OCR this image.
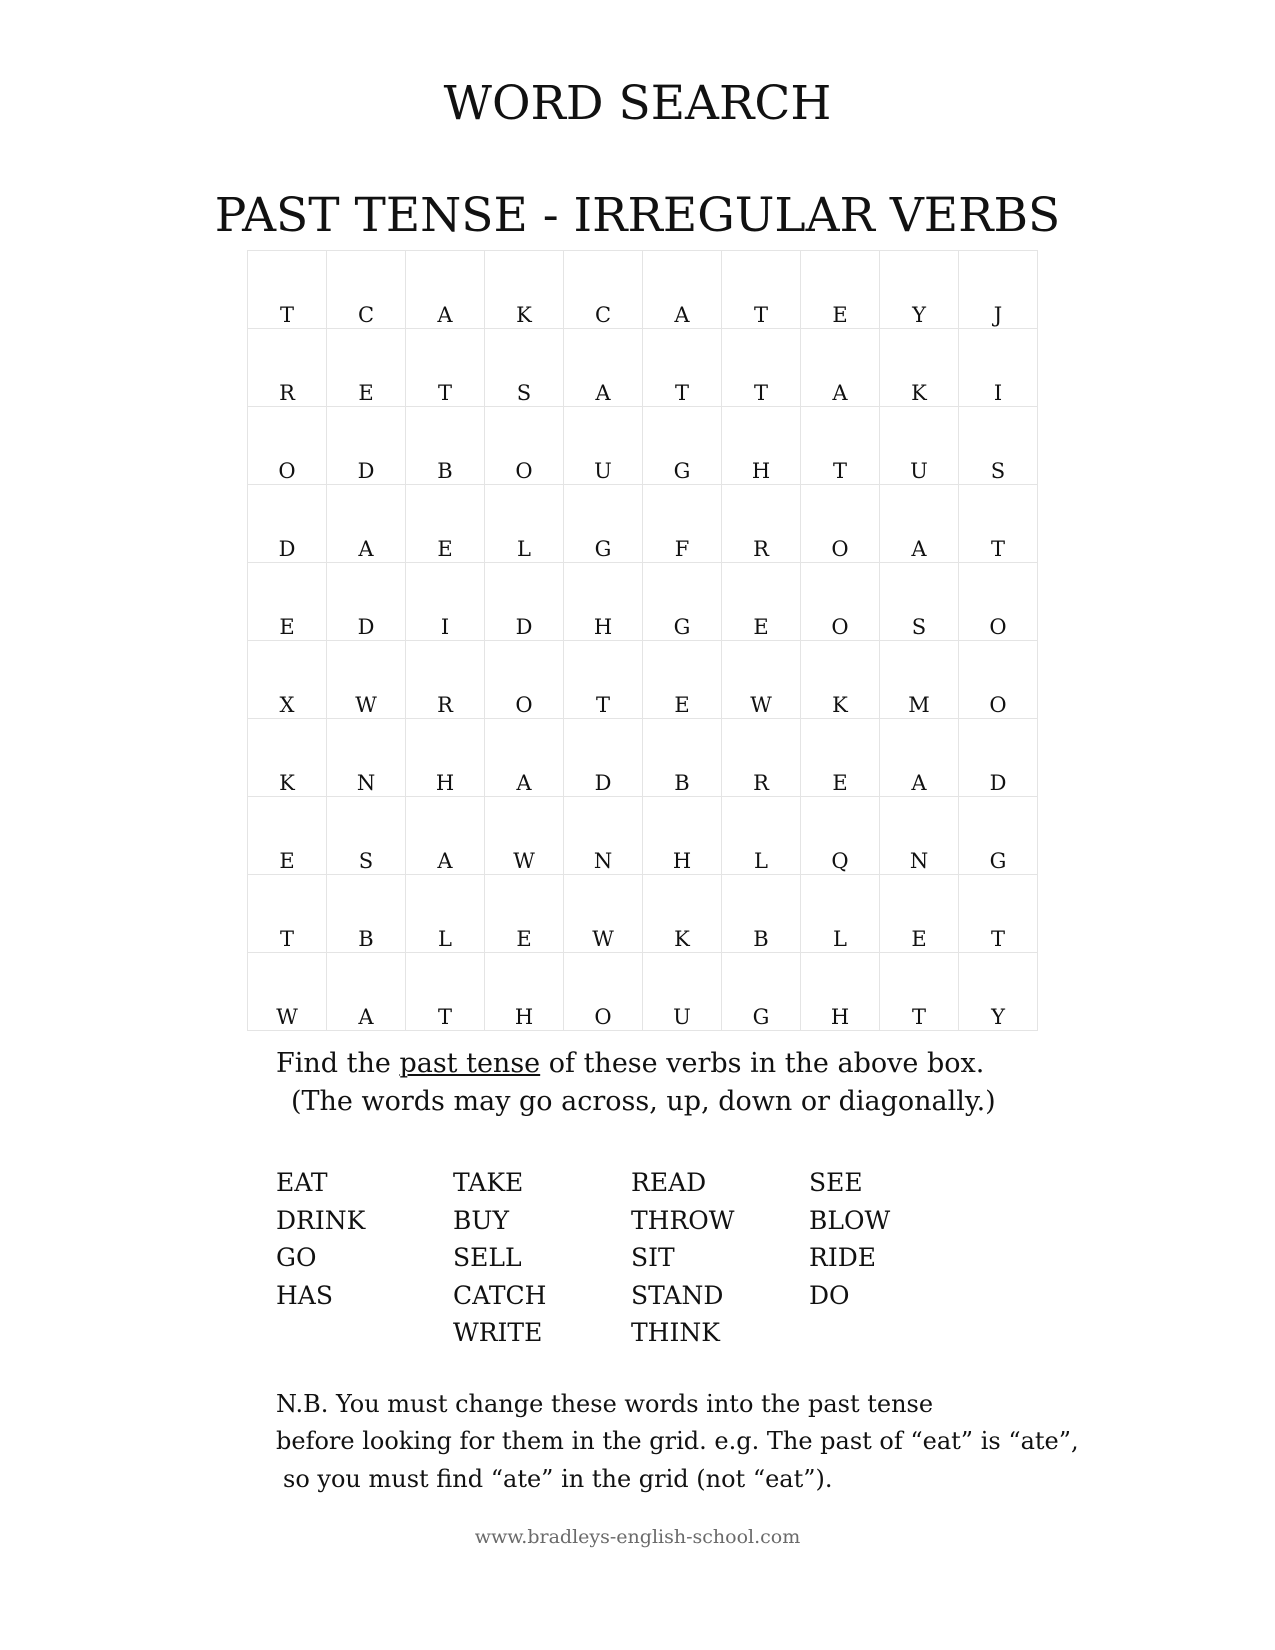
WORD SEARCH
PAST TENSE - IRREGULAR VERBS
T	C	A	K	C	A	T	E	Y	J
R	E	T	S	A	T	T	A	K	I
O	D	B	O	U	G	H	T	U	S
D	A	E	L	G	F	R	O	A	T
E	D	I	D	H	G	E	O	S	O
X	W	R	O	T	E	W	K	M	O
K	N	H	A	D	B	R	E	A	D
E	S	A	W	N	H	L	Q	N	G
T	B	L	E	W	K	B	L	E	T
W	A	T	H	O	U	G	H	T	Y
Find the past tense of these verbs in the above box.
(The words may go across, up, down or diagonally.)
EAT
DRINK
GO
HAS
TAKE
BUY
SELL
CATCH
WRITE
READ
THROW
SIT
STAND
THINK
SEE
BLOW
RIDE
DO
N.B. You must change these words into the past tense
before looking for them in the grid. e.g. The past of “eat” is “ate”,
so you must find “ate” in the grid (not “eat”).
www.bradleys-english-school.com
